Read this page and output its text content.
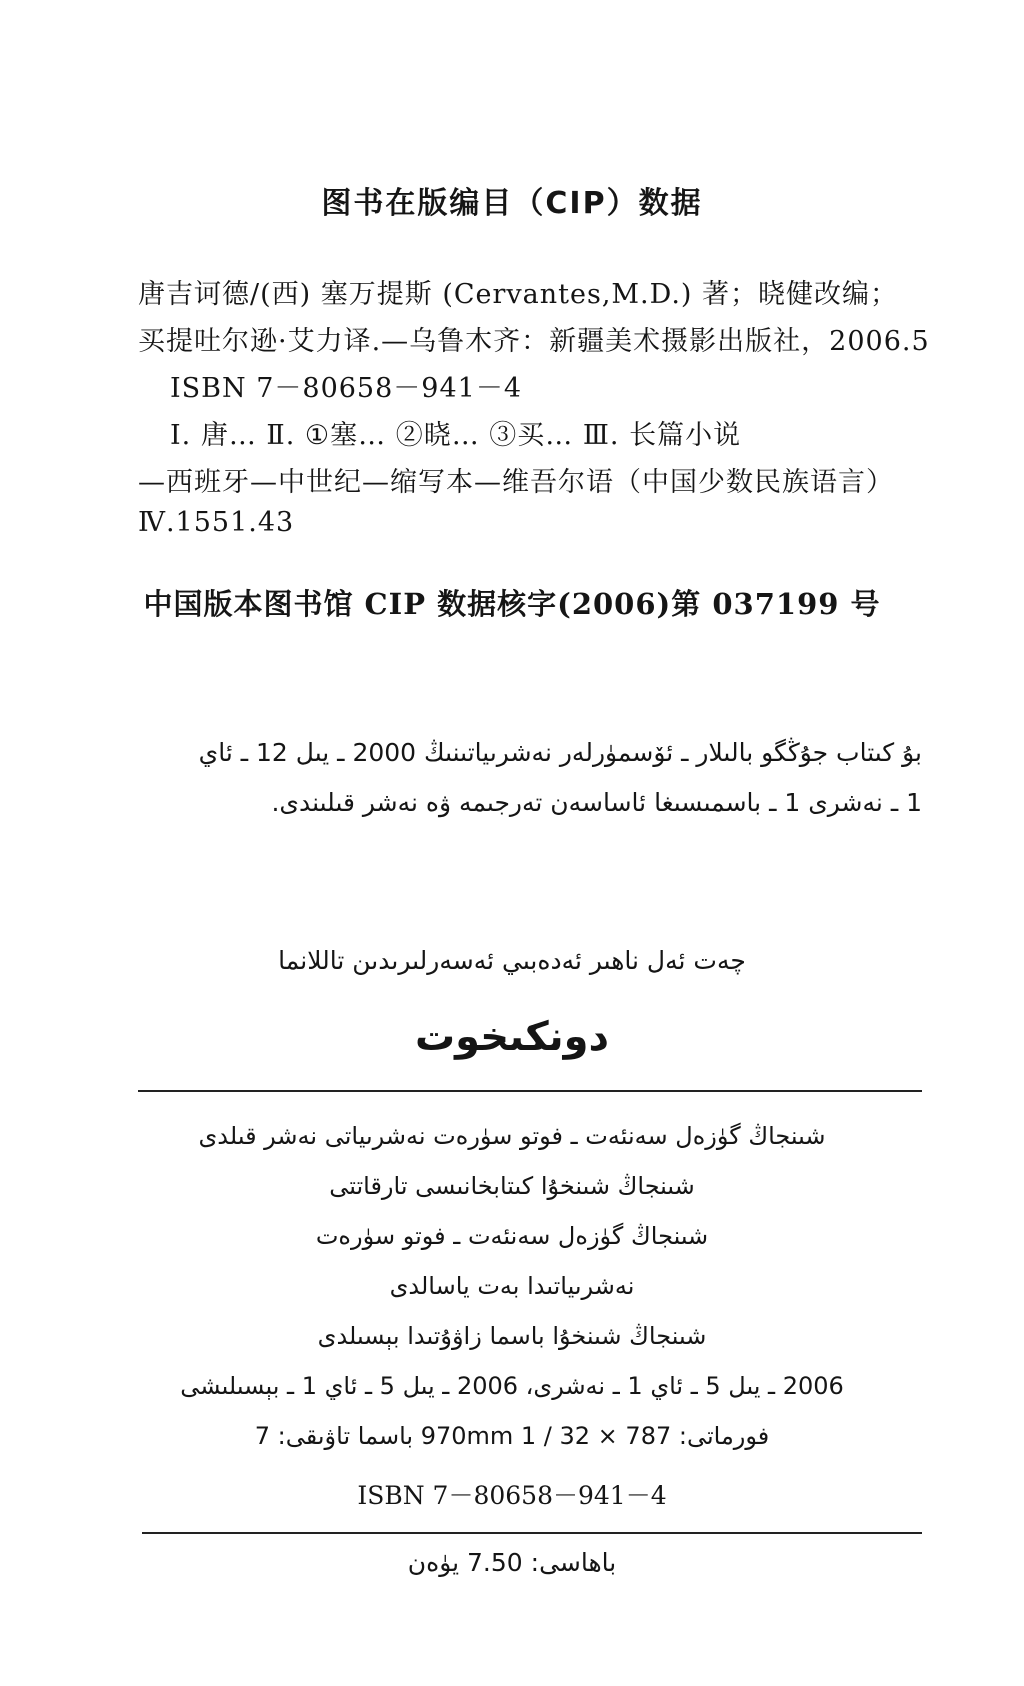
图书在版编目（CIP）数据
唐吉诃德/(西) 塞万提斯 (Cervantes,M.D.) 著；晓健改编；
买提吐尔逊·艾力译.—乌鲁木齐：新疆美术摄影出版社，2006.5
ISBN 7－80658－941－4
Ⅰ. 唐… Ⅱ. ①塞… ②晓… ③买… Ⅲ. 长篇小说
—西班牙—中世纪—缩写本—维吾尔语（中国少数民族语言）
Ⅳ.1551.43
中国版本图书馆 CIP 数据核字(2006)第 037199 号
بۇ كىتاب جۇڭگو بالىلار ـ ئۆسمۈرلەر نەشرىياتىنىڭ 2000 ـ يىل 12 ـ ئاي
1 ـ نەشرى 1 ـ باسمىسىغا ئاساسەن تەرجىمە ۋە نەشر قىلىندى.
چەت ئەل ناھىر ئەدەبىي ئەسەرلىرىدىن تاللانما
دونكىخوت
شىنجاڭ گۈزەل سەنئەت ـ فوتو سۈرەت نەشرىياتى نەشر قىلدى
شىنجاڭ شىنخۇا كىتابخانىسى تارقاتتى
شىنجاڭ گۈزەل سەنئەت ـ فوتو سۈرەت
نەشرىياتىدا بەت ياسالدى
شىنجاڭ شىنخۇا باسما زاۋۇتىدا بېسىلدى
2006 ـ يىل 5 ـ ئاي 1 ـ نەشرى، 2006 ـ يىل 5 ـ ئاي 1 ـ بېسىلىشى
فورماتى: 787 × 970mm 1 / 32 باسما تاۋىقى: 7
ISBN 7－80658－941－4
باھاسى: 7.50 يۈەن
